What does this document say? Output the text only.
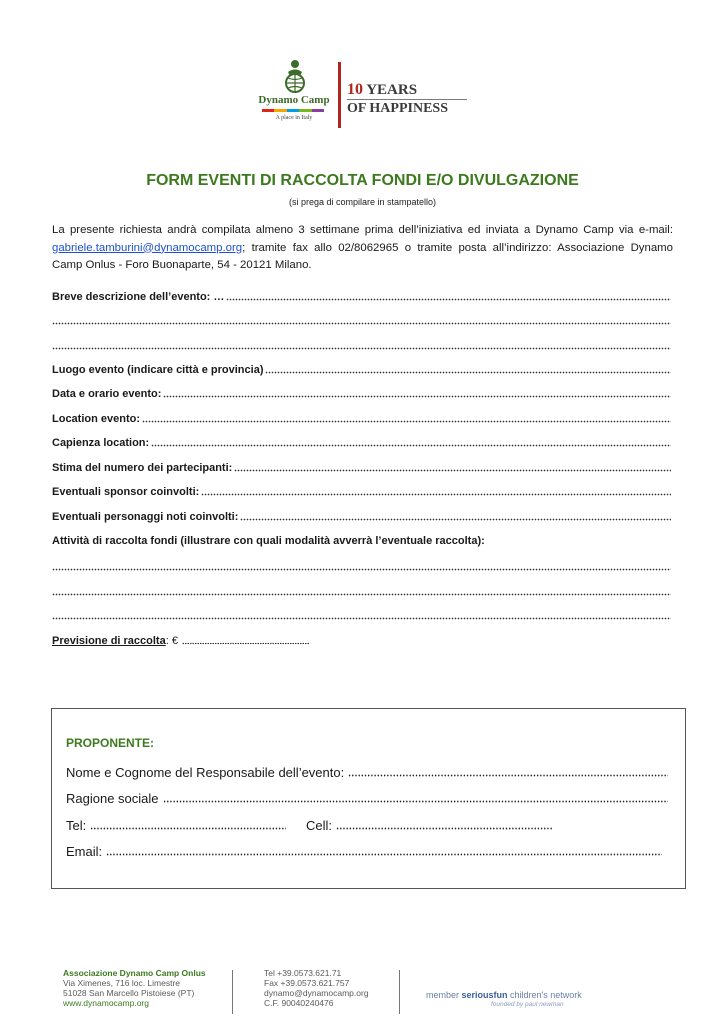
Dynamo Camp
A place in Italy
10 YEARS
OF HAPPINESS
FORM EVENTI DI RACCOLTA FONDI E/O DIVULGAZIONE
(si prega di compilare in stampatello)
La presente richiesta andrà compilata almeno 3 settimane prima dell’iniziativa ed inviata a Dynamo Camp via e-mail: gabriele.tamburini@dynamocamp.org; tramite fax allo 02/8062965 o tramite posta all’indirizzo: Associazione Dynamo Camp Onlus - Foro Buonaparte, 54 - 20121 Milano.
Breve descrizione dell’evento: …
Luogo evento (indicare città e provincia)
Data e orario evento:
Location evento:
Capienza location:
Stima del numero dei partecipanti:
Eventuali sponsor coinvolti:
Eventuali personaggi noti coinvolti:
Attività di raccolta fondi (illustrare con quali modalità avverrà l’eventuale raccolta):
Previsione di raccolta : €
PROPONENTE:
Nome e Cognome del Responsabile dell’evento:
Ragione sociale
Tel:	Cell:
Email:
Associazione Dynamo Camp Onlus
Via Ximenes, 716 loc. Limestre
51028 San Marcello Pistoiese (PT)
www.dynamocamp.org
Tel +39.0573.621.71
Fax +39.0573.621.757
dynamo@dynamocamp.org
C.F. 90040240476
member seriousfun children's network
founded by paul newman
